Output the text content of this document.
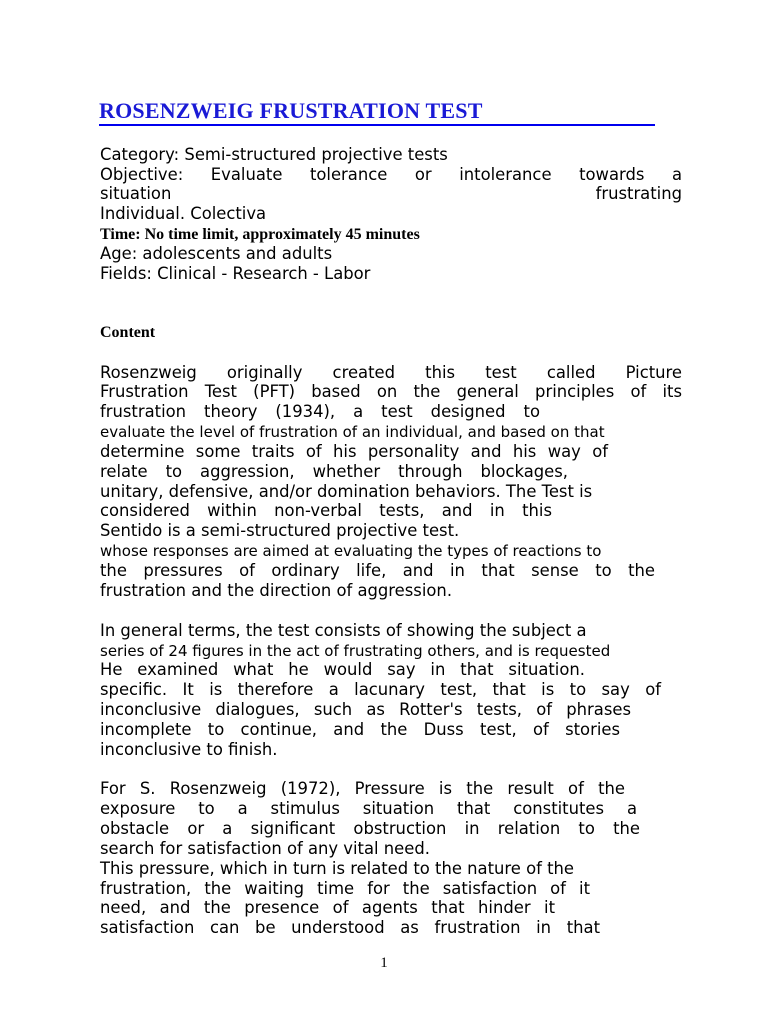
ROSENZWEIG FRUSTRATION TEST
Category: Semi-structured projective tests
Objective: Evaluate tolerance or intolerance towards a
situation	frustrating
Individual. Colectiva
Time: No time limit, approximately 45 minutes
Age: adolescents and adults
Fields: Clinical - Research - Labor
Content
Rosenzweig originally created this test called Picture
Frustration Test (PFT) based on the general principles of its
frustration theory (1934), a test designed to
evaluate the level of frustration of an individual, and based on that
determine some traits of his personality and his way of
relate to aggression, whether through blockages,
unitary, defensive, and/or domination behaviors. The Test is
considered within non-verbal tests, and in this
Sentido is a semi-structured projective test.
whose responses are aimed at evaluating the types of reactions to
the pressures of ordinary life, and in that sense to the
frustration and the direction of aggression.
In general terms, the test consists of showing the subject a
series of 24 figures in the act of frustrating others, and is requested
He examined what he would say in that situation.
specific. It is therefore a lacunary test, that is to say of
inconclusive dialogues, such as Rotter's tests, of phrases
incomplete to continue, and the Duss test, of stories
inconclusive to finish.
For S. Rosenzweig (1972), Pressure is the result of the
exposure to a stimulus situation that constitutes a
obstacle or a significant obstruction in relation to the
search for satisfaction of any vital need.
This pressure, which in turn is related to the nature of the
frustration, the waiting time for the satisfaction of it
need, and the presence of agents that hinder it
satisfaction can be understood as frustration in that
1
